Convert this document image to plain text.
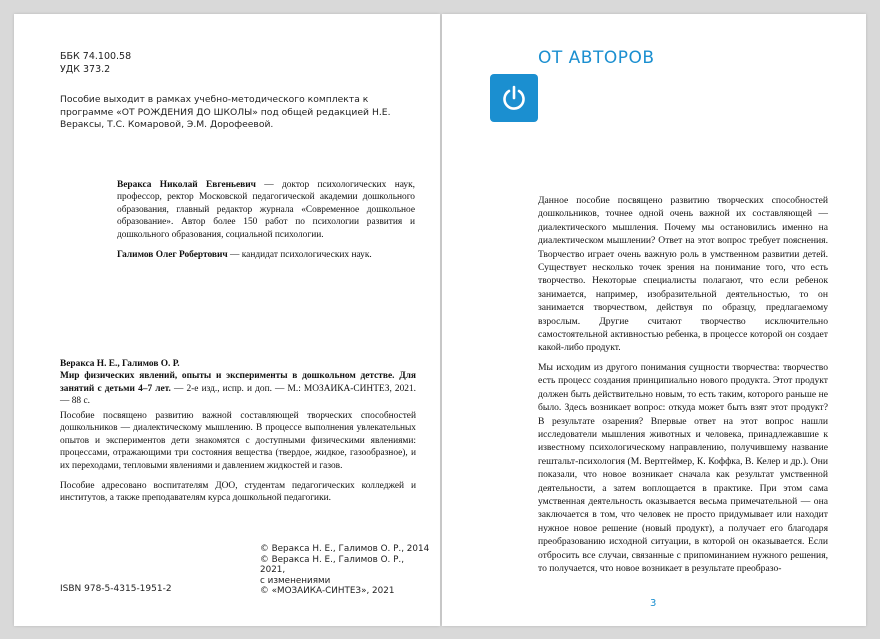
ББК 74.100.58
УДК 373.2
Пособие выходит в рамках учебно-методического комплекта к программе «ОТ РОЖДЕНИЯ ДО ШКОЛЫ» под общей редакцией Н.Е. Вераксы, Т.С. Комаровой, Э.М. Дорофеевой.

Веракса Николай Евгеньевич — доктор психологических наук, профессор, ректор Московской педагогической академии дошкольного образования, главный редактор журнала «Современное дошкольное образование». Автор более 150 работ по психологии развития и дошкольного образования, социальной психологии.

Галимов Олег Робертович — кандидат психологических наук.

Веракса Н. Е., Галимов О. Р.

Мир физических явлений, опыты и эксперименты в дошкольном детстве. Для занятий с детьми 4–7 лет. — 2-е изд., испр. и доп. — М.: МОЗАИКА-СИНТЕЗ, 2021. — 88 с.

Пособие посвящено развитию важной составляющей творческих способностей дошкольников — диалектическому мышлению. В процессе выполнения увлекательных опытов и экспериментов дети знакомятся с доступными физическими явлениями: процессами, отражающими три состояния вещества (твердое, жидкое, газообразное), и их переходами, тепловыми явлениями и давлением жидкостей и газов.

Пособие адресовано воспитателям ДОО, студентам педагогических колледжей и институтов, а также преподавателям курса дошкольной педагогики.

ISBN 978-5-4315-1951-2
© Веракса Н. Е., Галимов О. Р., 2014
© Веракса Н. Е., Галимов О. Р., 2021,
с изменениями
© «МОЗАИКА-СИНТЕЗ», 2021
ОТ АВТОРОВ

Данное пособие посвящено развитию творческих способностей дошкольников, точнее одной очень важной их составляющей — диалектического мышления. Почему мы остановились именно на диалектическом мышлении? Ответ на этот вопрос требует пояснения. Творчество играет очень важную роль в умственном развитии детей. Существует несколько точек зрения на понимание того, что есть творчество. Некоторые специалисты полагают, что если ребенок занимается, например, изобразительной деятельностью, то он занимается творчеством, действуя по образцу, предлагаемому взрослым. Другие считают творчество исключительно самостоятельной активностью ребенка, в процессе которой он создает какой-либо продукт.

Мы исходим из другого понимания сущности творчества: творчество есть процесс создания принципиально нового продукта. Этот продукт должен быть действительно новым, то есть таким, которого раньше не было. Здесь возникает вопрос: откуда может быть взят этот продукт? В результате озарения? Впервые ответ на этот вопрос нашли исследователи мышления животных и человека, принадлежавшие к известному психологическому направлению, получившему название гештальт-психология (М. Вертгеймер, К. Коффка, В. Келер и др.). Они показали, что новое возникает сначала как результат умственной деятельности, а затем воплощается в практике. При этом сама умственная деятельность оказывается весьма примечательной — она заключается в том, что человек не просто придумывает или находит нужное новое решение (новый продукт), а получает его благодаря преобразованию исходной ситуации, в которой он оказывается. Если отбросить все случаи, связанные с припоминанием нужного решения, то получается, что новое возникает в результате преобразо-

3
